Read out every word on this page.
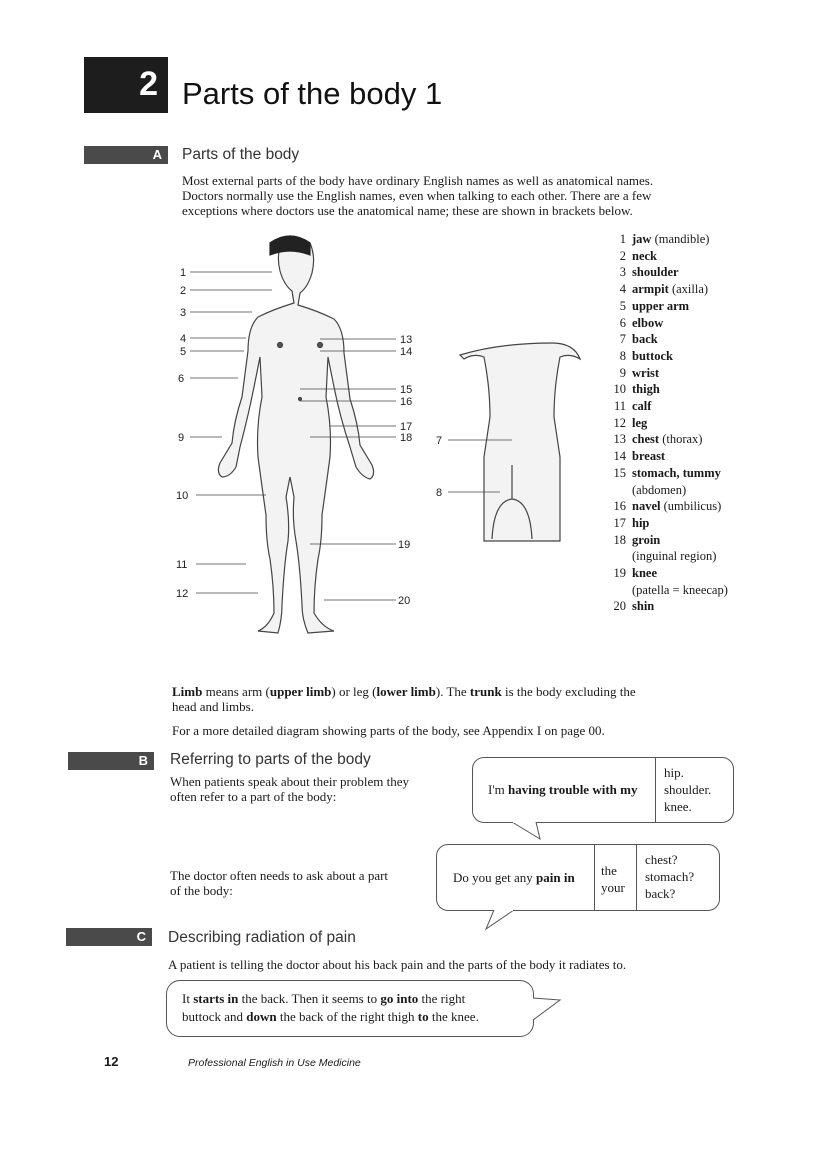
2 Parts of the body 1
A Parts of the body
Most external parts of the body have ordinary English names as well as anatomical names.
Doctors normally use the English names, even when talking to each other. There are a few
exceptions where doctors use the anatomical name; these are shown in brackets below.
1
2
3
4
5
6
9
10
11
12
13
14
15
16
17
18
19
20
7
8
1 jaw (mandible)
2 neck
3 shoulder
4 armpit (axilla)
5 upper arm
6 elbow
7 back
8 buttock
9 wrist
10 thigh
11 calf
12 leg
13 chest (thorax)
14 breast
15 stomach, tummy
(abdomen)
16 navel (umbilicus)
17 hip
18 groin
(inguinal region)
19 knee
(patella = kneecap)
20 shin
Limb means arm (upper limb) or leg (lower limb). The trunk is the body excluding the
head and limbs.
For a more detailed diagram showing parts of the body, see Appendix I on page 00.
B Referring to parts of the body
When patients speak about their problem they
often refer to a part of the body:	I'm having trouble with my
hip.
shoulder.
knee.
The doctor often needs to ask about a part
of the body:
Do you get any pain in the
your
chest?
stomach?
back?
C Describing radiation of pain
A patient is telling the doctor about his back pain and the parts of the body it radiates to.
It starts in the back. Then it seems to go into the right
buttock and down the back of the right thigh to the knee.
12	Professional English in Use Medicine
